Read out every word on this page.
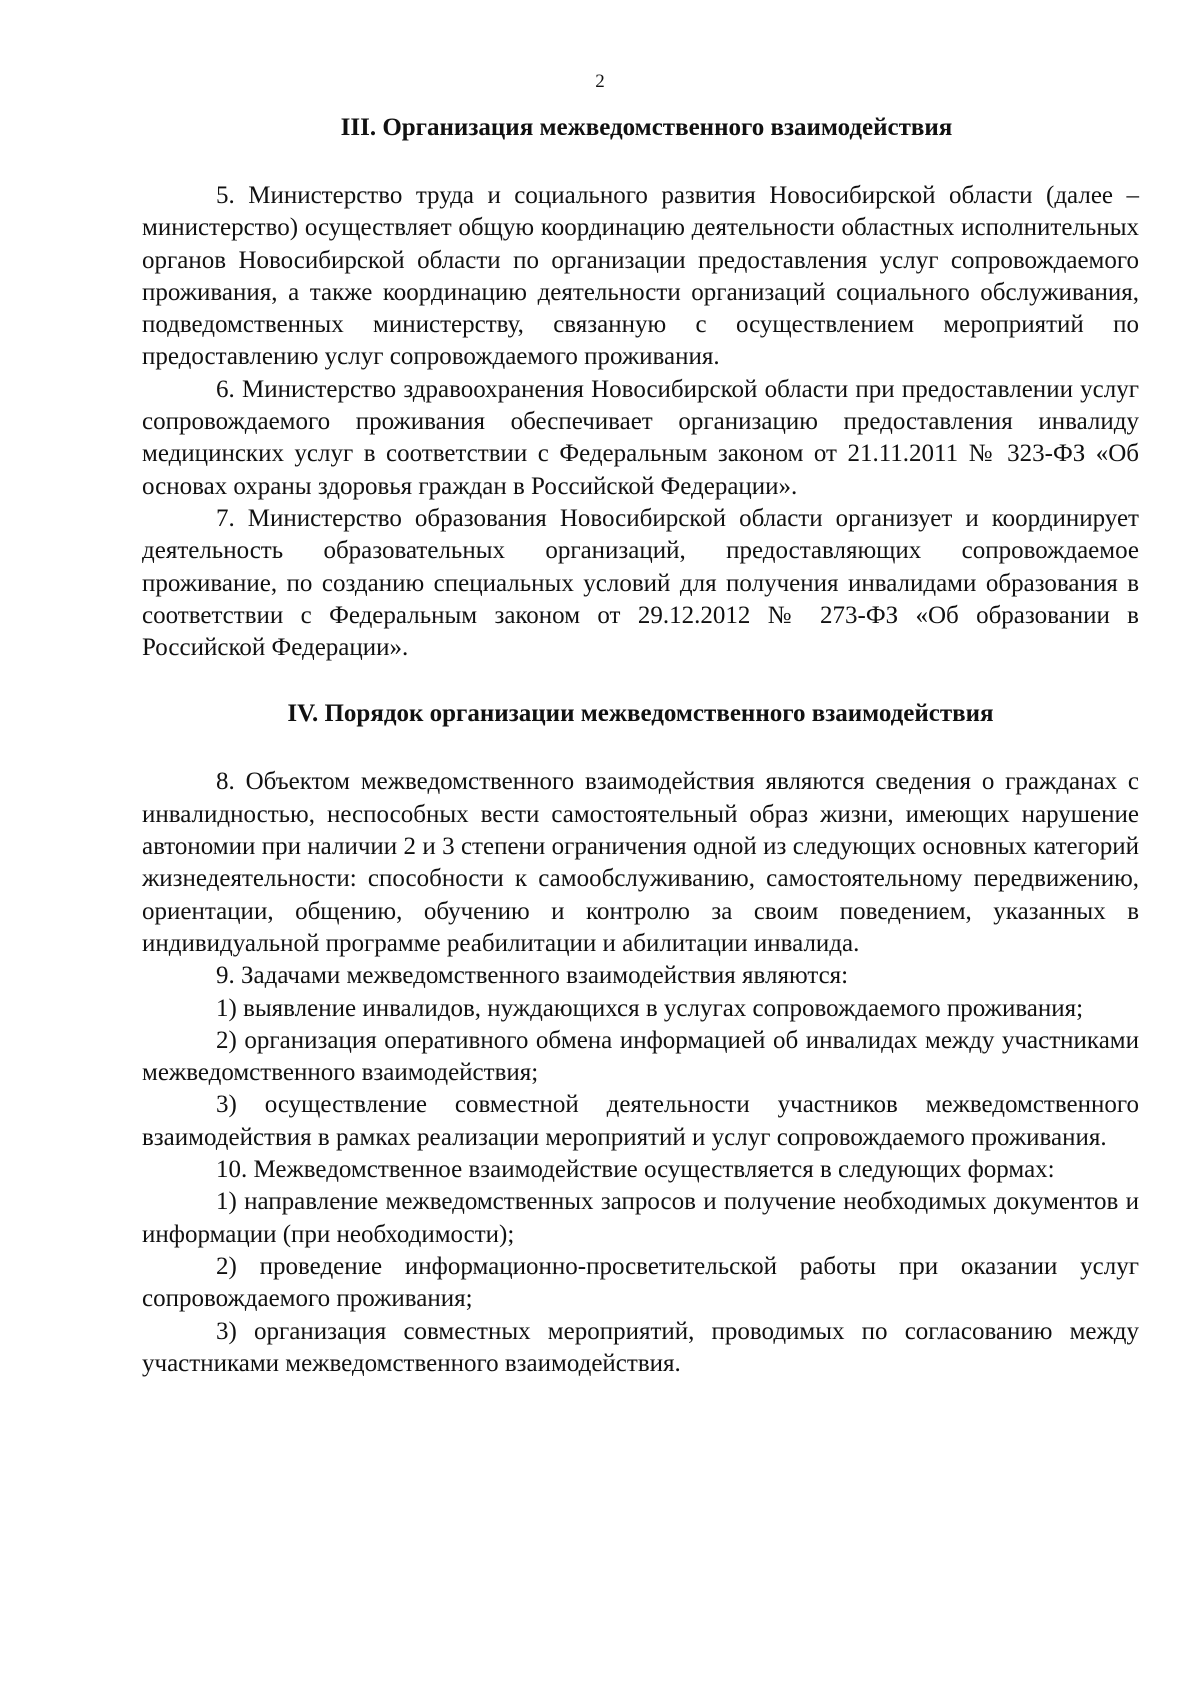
2
III. Организация межведомственного взаимодействия

5. Министерство труда и социального развития Новосибирской области (далее – министерство) осуществляет общую координацию деятельности областных исполнительных органов Новосибирской области по организации предоставления услуг сопровождаемого проживания, а также координацию деятельности организаций социального обслуживания, подведомственных министерству, связанную с осуществлением мероприятий по предоставлению услуг сопровождаемого проживания.

6. Министерство здравоохранения Новосибирской области при предоставлении услуг сопровождаемого проживания обеспечивает организацию предоставления инвалиду медицинских услуг в соответствии с Федеральным законом от 21.11.2011 № 323-ФЗ «Об основах охраны здоровья граждан в Российской Федерации».

7. Министерство образования Новосибирской области организует и координирует деятельность образовательных организаций, предоставляющих сопровождаемое проживание, по созданию специальных условий для получения инвалидами образования в соответствии с Федеральным законом от 29.12.2012 № 273-ФЗ «Об образовании в Российской Федерации».

IV. Порядок организации межведомственного взаимодействия

8. Объектом межведомственного взаимодействия являются сведения о гражданах с инвалидностью, неспособных вести самостоятельный образ жизни, имеющих нарушение автономии при наличии 2 и 3 степени ограничения одной из следующих основных категорий жизнедеятельности: способности к самообслуживанию, самостоятельному передвижению, ориентации, общению, обучению и контролю за своим поведением, указанных в индивидуальной программе реабилитации и абилитации инвалида.

9. Задачами межведомственного взаимодействия являются:

1) выявление инвалидов, нуждающихся в услугах сопровождаемого проживания;

2) организация оперативного обмена информацией об инвалидах между участниками межведомственного взаимодействия;

3) осуществление совместной деятельности участников межведомственного взаимодействия в рамках реализации мероприятий и услуг сопровождаемого проживания.

10. Межведомственное взаимодействие осуществляется в следующих формах:

1) направление межведомственных запросов и получение необходимых документов и информации (при необходимости);

2) проведение информационно-просветительской работы при оказании услуг сопровождаемого проживания;

3) организация совместных мероприятий, проводимых по согласованию между участниками межведомственного взаимодействия.
